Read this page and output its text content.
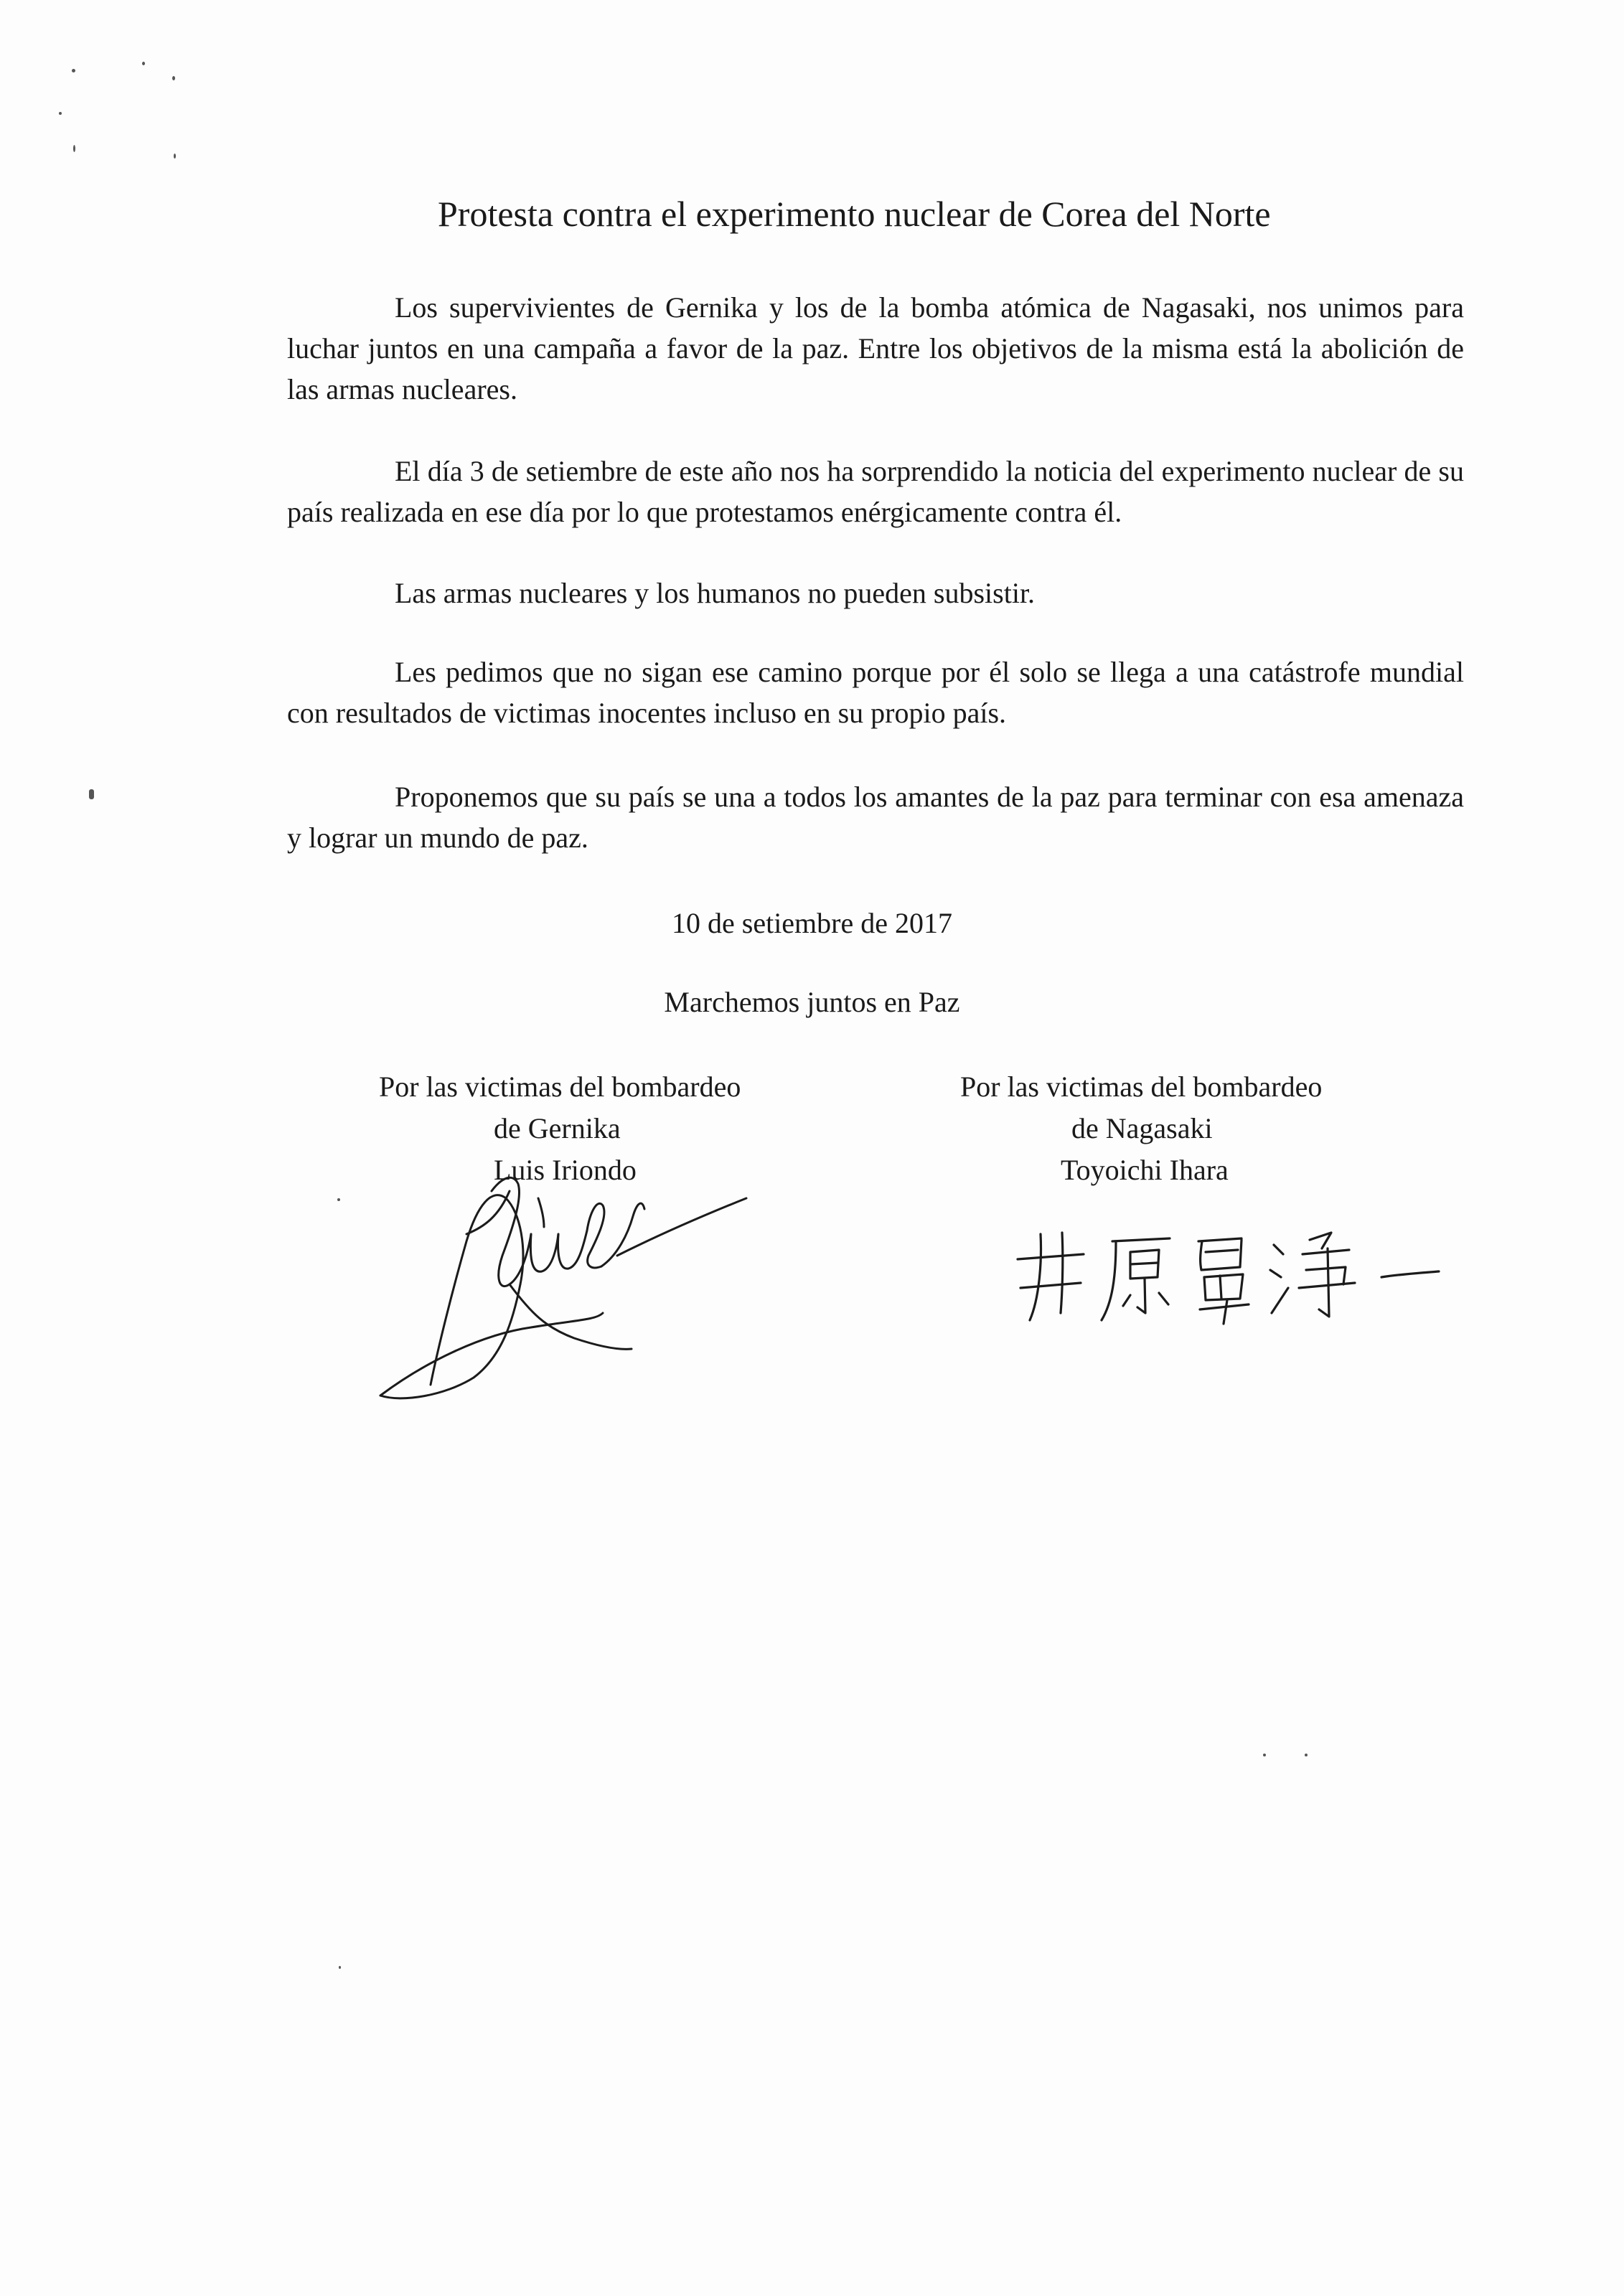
Protesta contra el experimento nuclear de Corea del Norte

Los supervivientes de Gernika y los de la bomba atómica de Nagasaki, nos unimos para luchar juntos en una campaña a favor de la paz. Entre los objetivos de la misma está la abolición de las armas nucleares.

El día 3 de setiembre de este año nos ha sorprendido la noticia del experimento nuclear de su país realizada en ese día por lo que protestamos enérgicamente contra él.

Las armas nucleares y los humanos no pueden subsistir.

Les pedimos que no sigan ese camino porque por él solo se llega a una catástrofe mundial con resultados de victimas inocentes incluso en su propio país.

Proponemos que su país se una a todos los amantes de la paz para terminar con esa amenaza y lograr un mundo de paz.

10 de setiembre de 2017
Marchemos juntos en Paz
Por las victimas del bombardeo
de Gernika
Luis Iriondo
Por las victimas del bombardeo
de Nagasaki
Toyoichi Ihara
